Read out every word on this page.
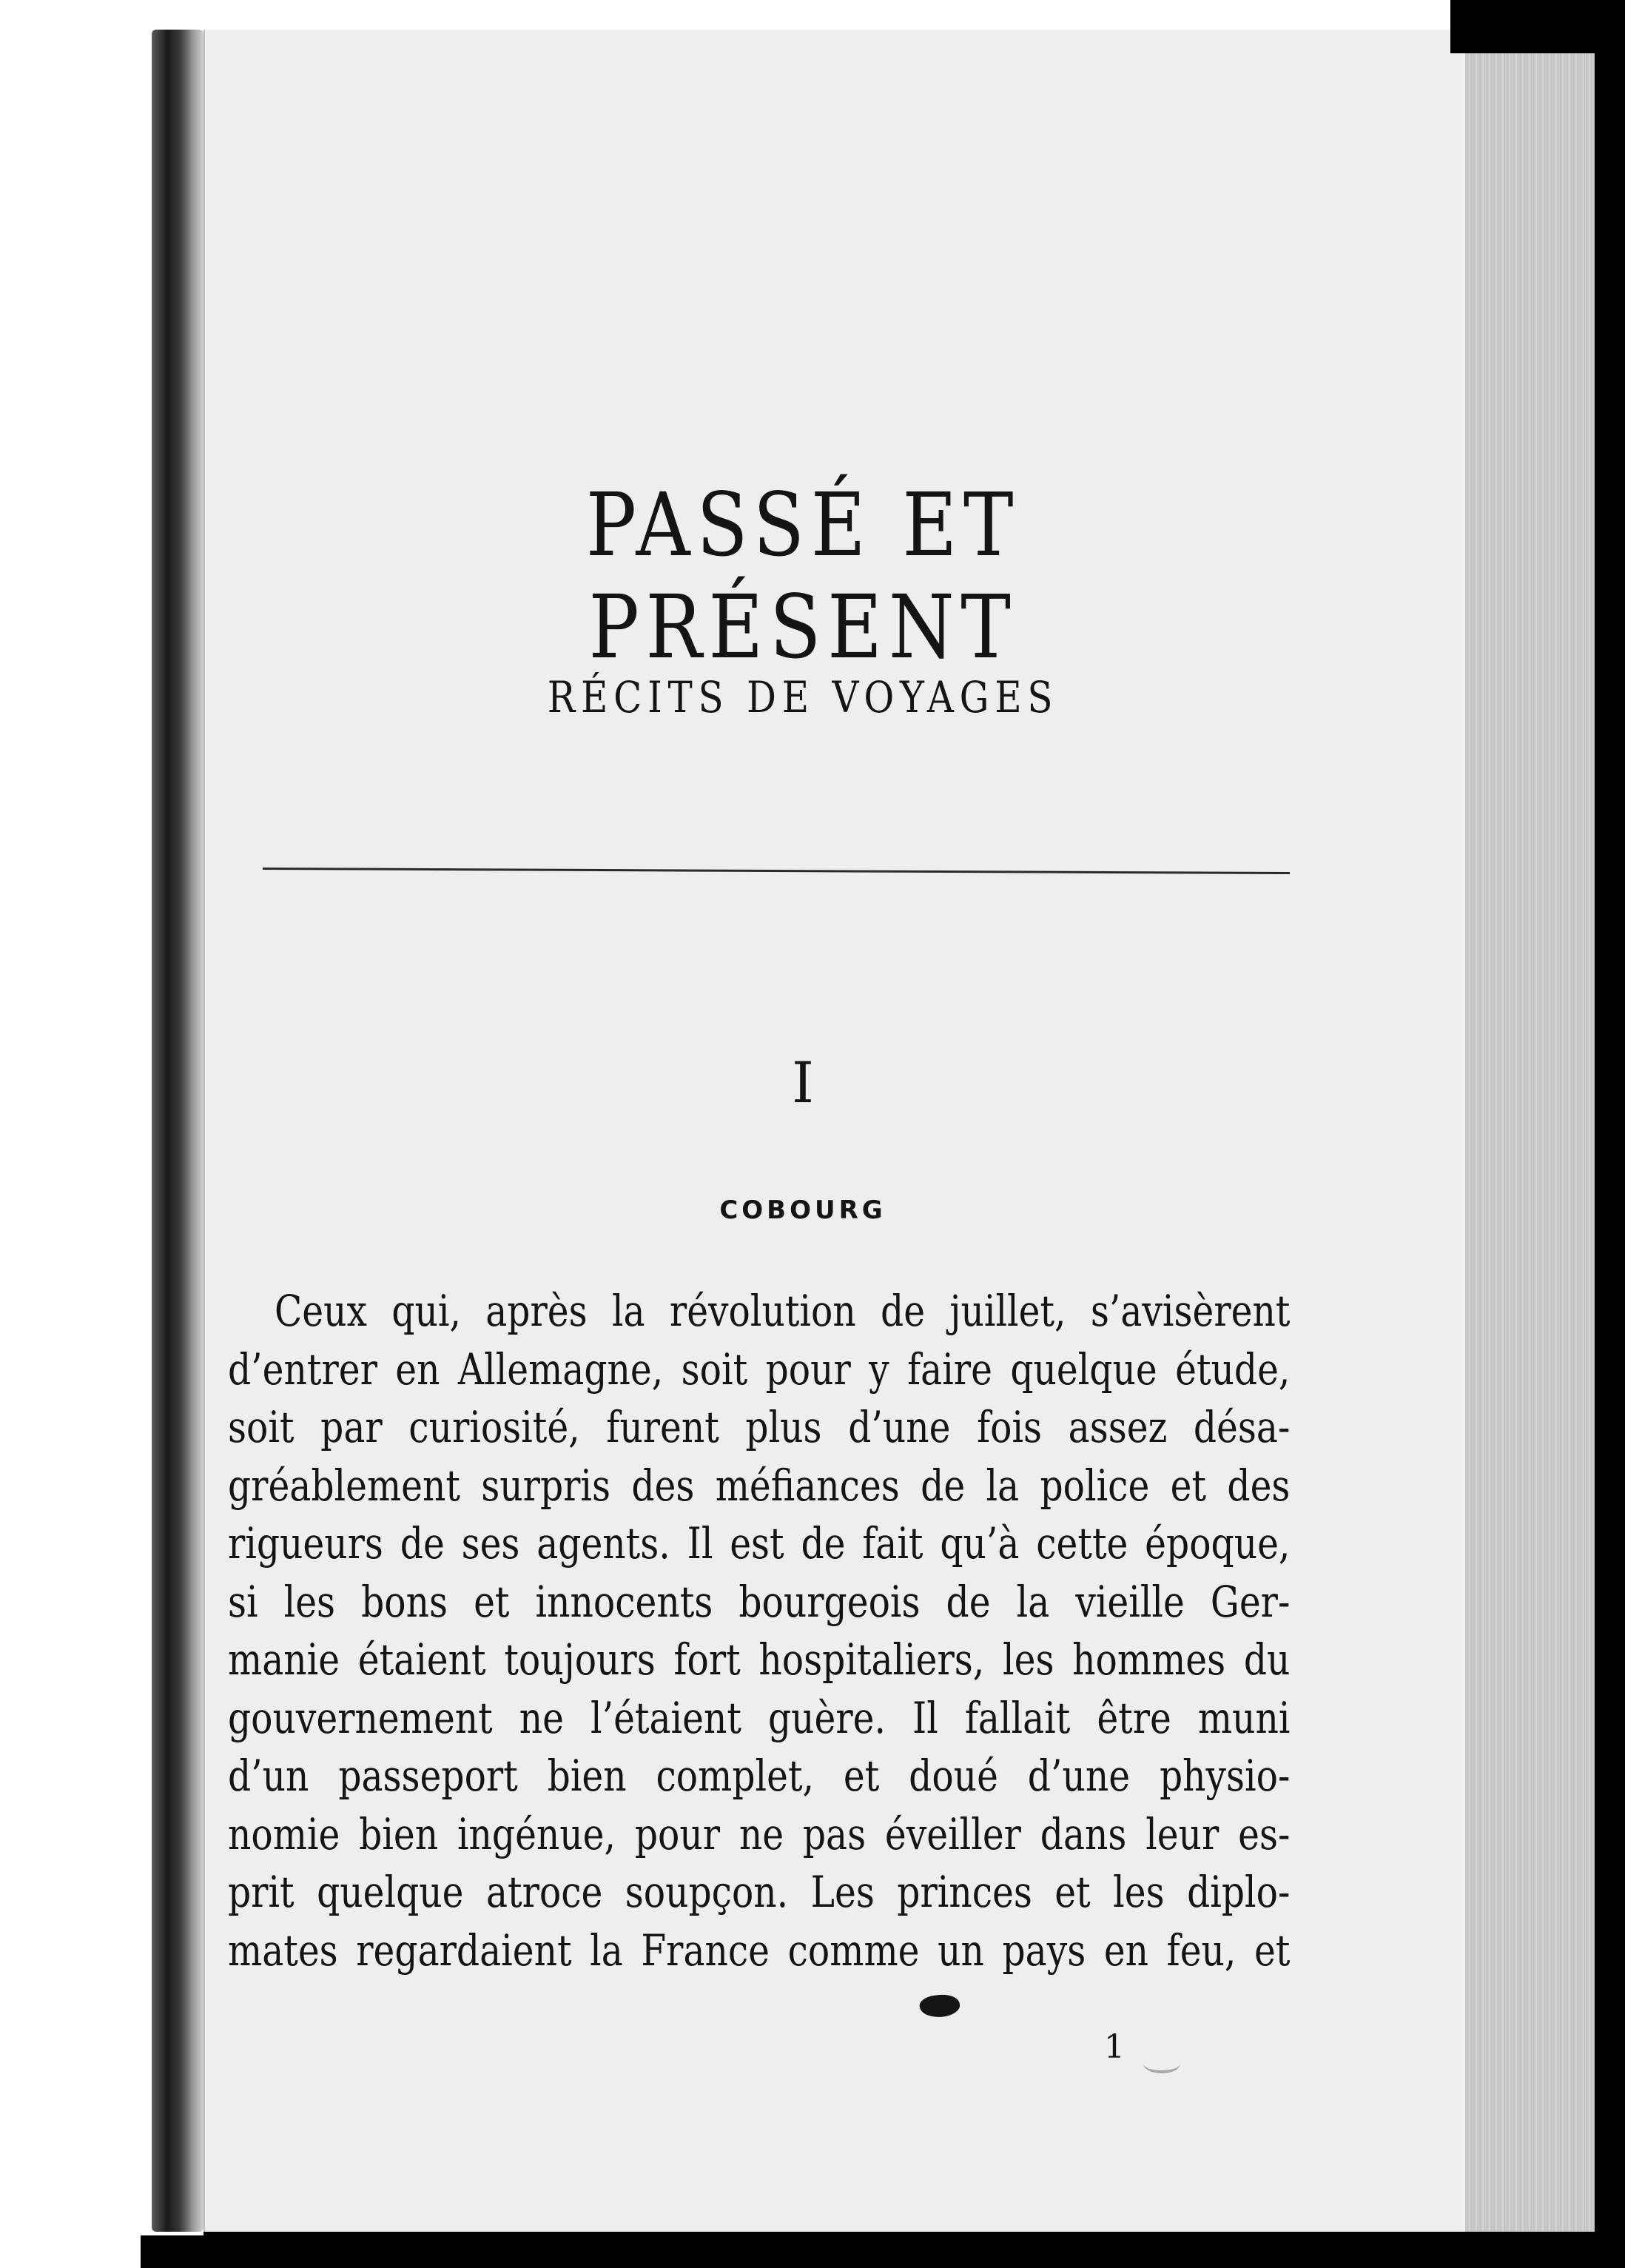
PASSÉ ET PRÉSENT
RÉCITS DE VOYAGES
I
COBOURG
Ceux qui, après la révolution de juillet, s’avisèrent
d’entrer en Allemagne, soit pour y faire quelque étude,
soit par curiosité, furent plus d’une fois assez désa-
gréablement surpris des méfiances de la police et des
rigueurs de ses agents. Il est de fait qu’à cette époque,
si les bons et innocents bourgeois de la vieille Ger-
manie étaient toujours fort hospitaliers, les hommes du
gouvernement ne l’étaient guère. Il fallait être muni
d’un passeport bien complet, et doué d’une physio-
nomie bien ingénue, pour ne pas éveiller dans leur es-
prit quelque atroce soupçon. Les princes et les diplo-
mates regardaient la France comme un pays en feu, et
1
